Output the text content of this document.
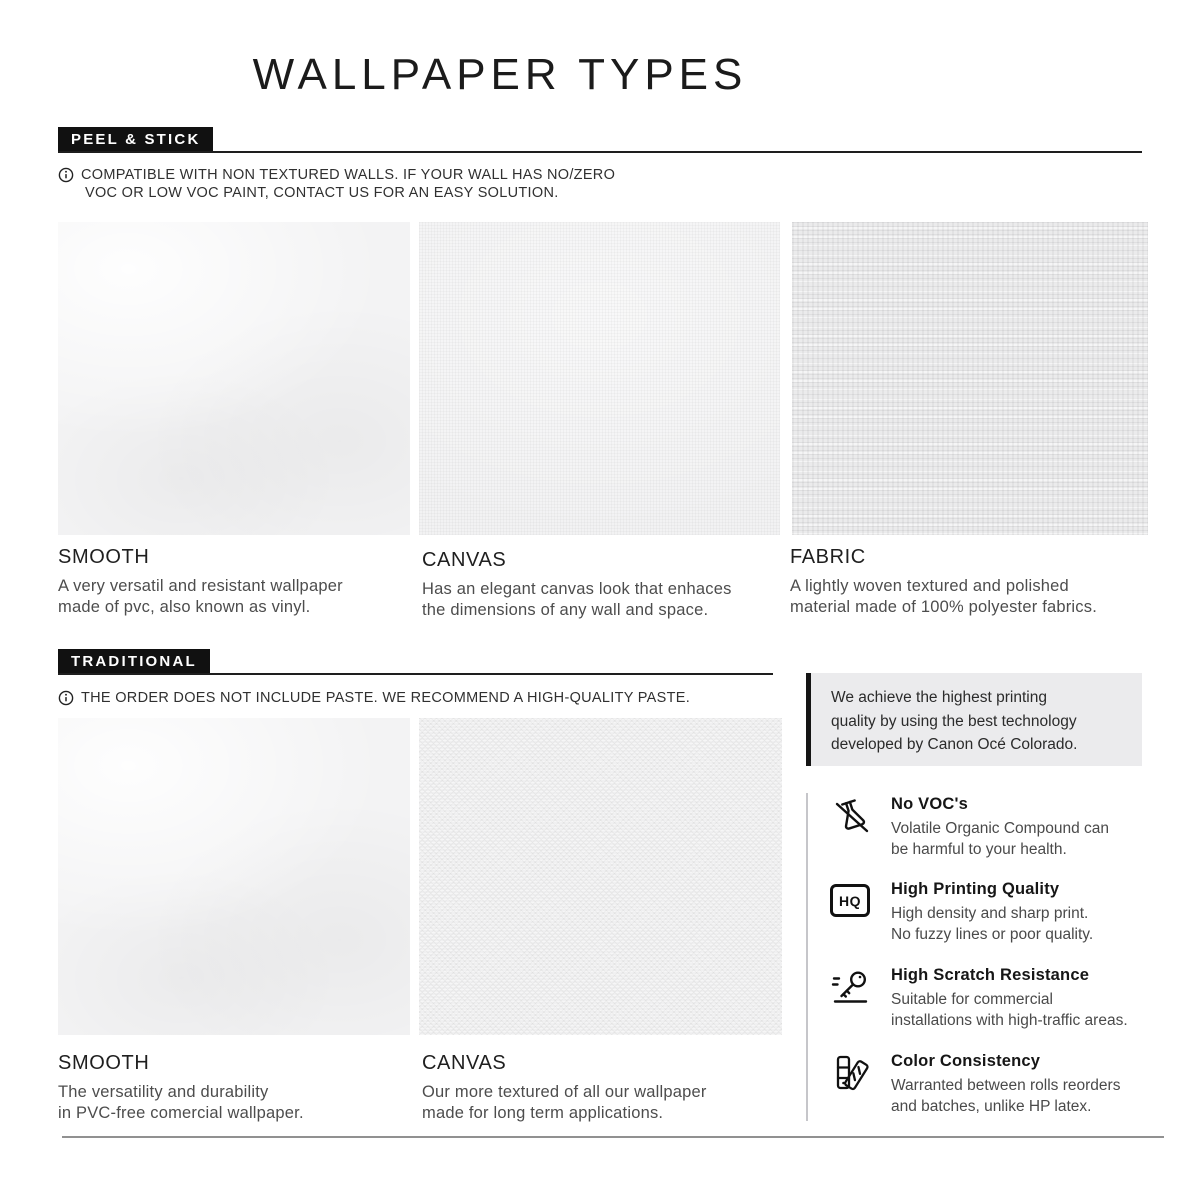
WALLPAPER TYPES
PEEL & STICK
COMPATIBLE WITH NON TEXTURED WALLS. IF YOUR WALL HAS NO/ZERO
VOC OR LOW VOC PAINT, CONTACT US FOR AN EASY SOLUTION.
SMOOTH

A very versatil and resistant wallpaper
made of pvc, also known as vinyl.

CANVAS

Has an elegant canvas look that enhaces
the dimensions of any wall and space.

FABRIC

A lightly woven textured and polished
material made of 100% polyester fabrics.

TRADITIONAL
THE ORDER DOES NOT INCLUDE PASTE. WE RECOMMEND A HIGH-QUALITY PASTE.
SMOOTH

The versatility and durability
in PVC-free comercial wallpaper.

CANVAS

Our more textured of all our wallpaper
made for long term applications.

We achieve the highest printing
quality by using the best technology
developed by Canon Océ Colorado.

No VOC's

Volatile Organic Compound can
be harmful to your health.

HQ

High Printing Quality

High density and sharp print.
No fuzzy lines or poor quality.

High Scratch Resistance

Suitable for commercial
installations with high-traffic areas.

Color Consistency

Warranted between rolls reorders
and batches, unlike HP latex.
